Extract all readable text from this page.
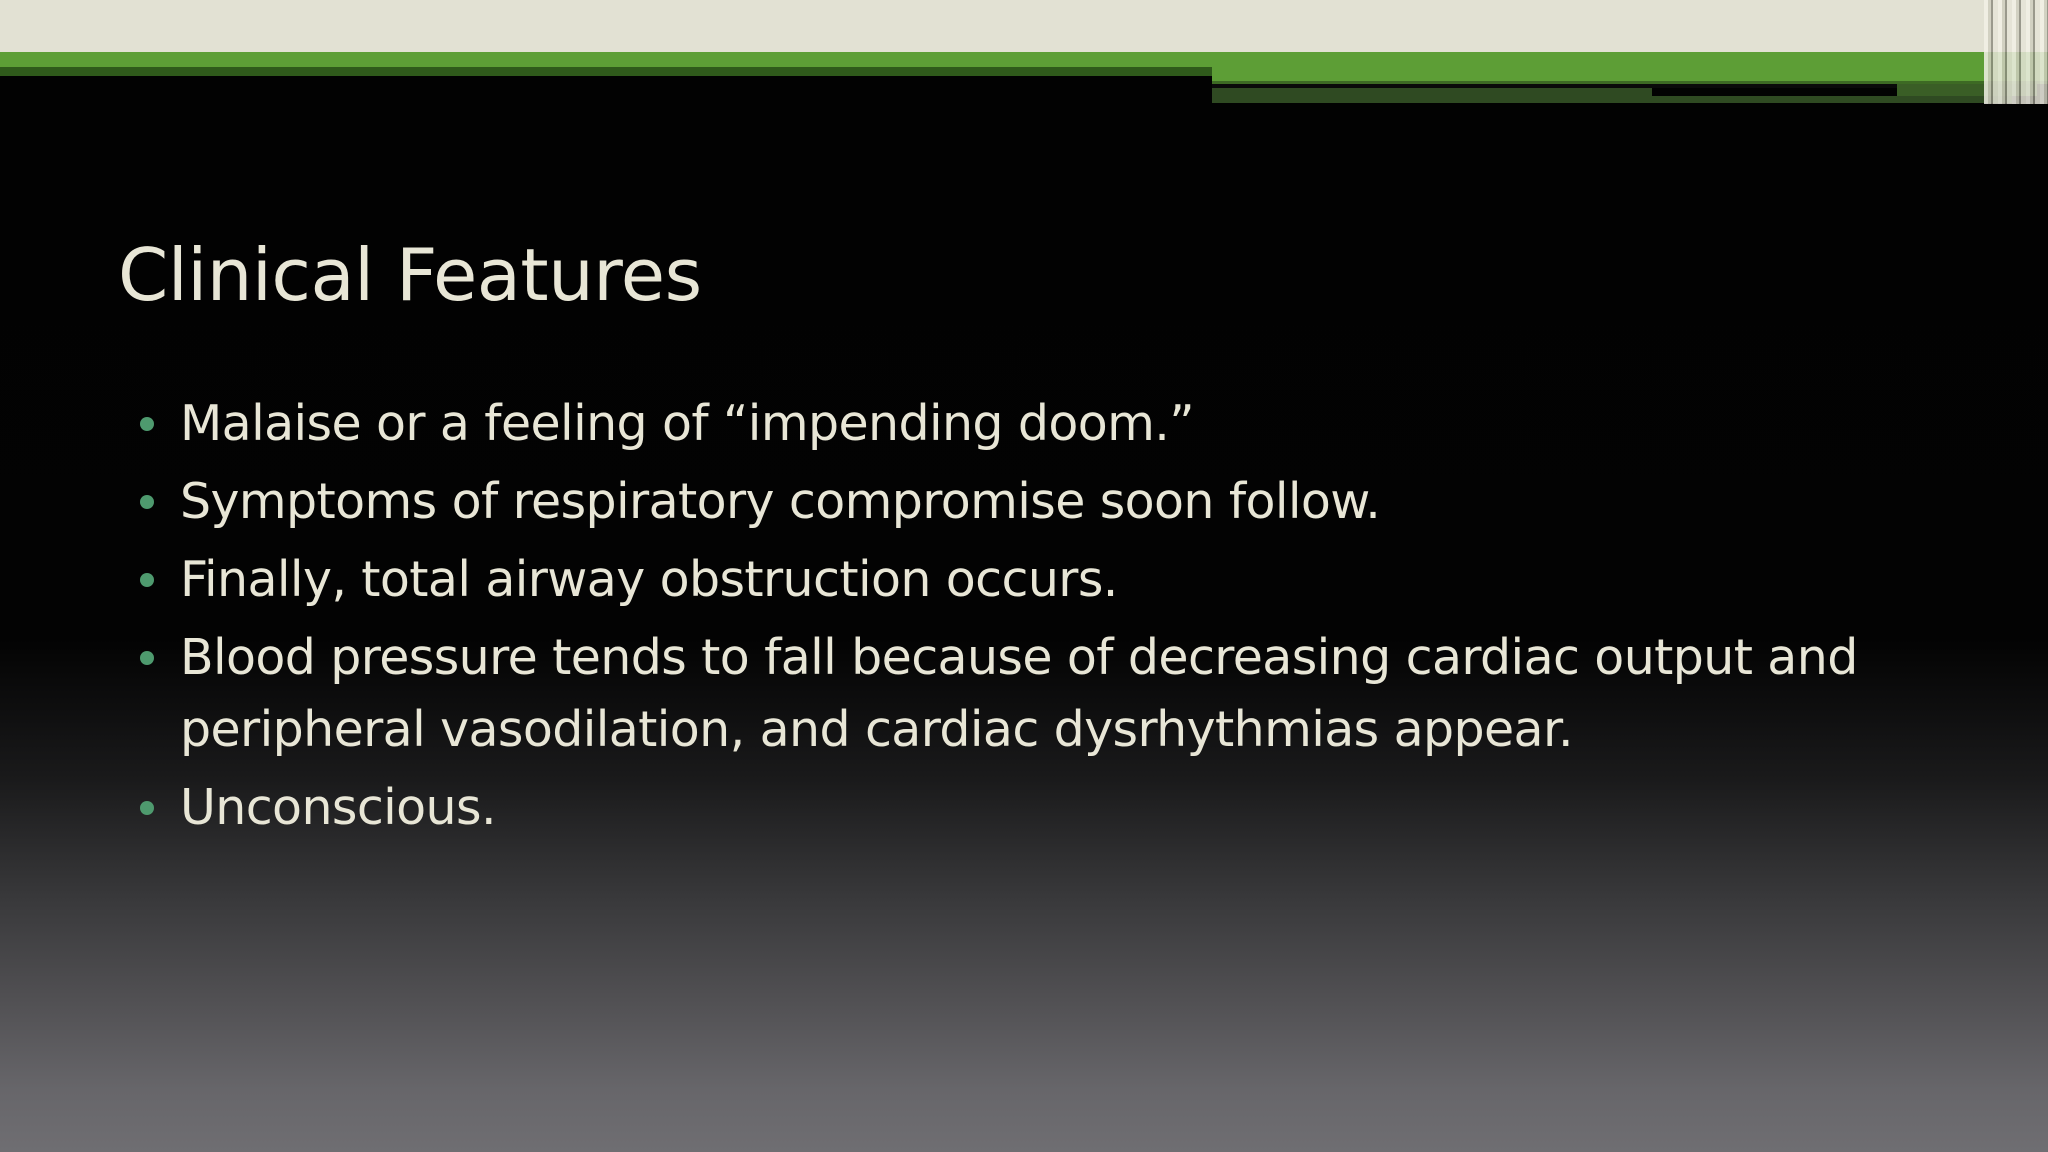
Clinical Features
Malaise or a feeling of “impending doom.”
Symptoms of respiratory compromise soon follow.
Finally, total airway obstruction occurs.
Blood pressure tends to fall because of decreasing cardiac output and peripheral vasodilation, and cardiac dysrhythmias appear.
Unconscious.
